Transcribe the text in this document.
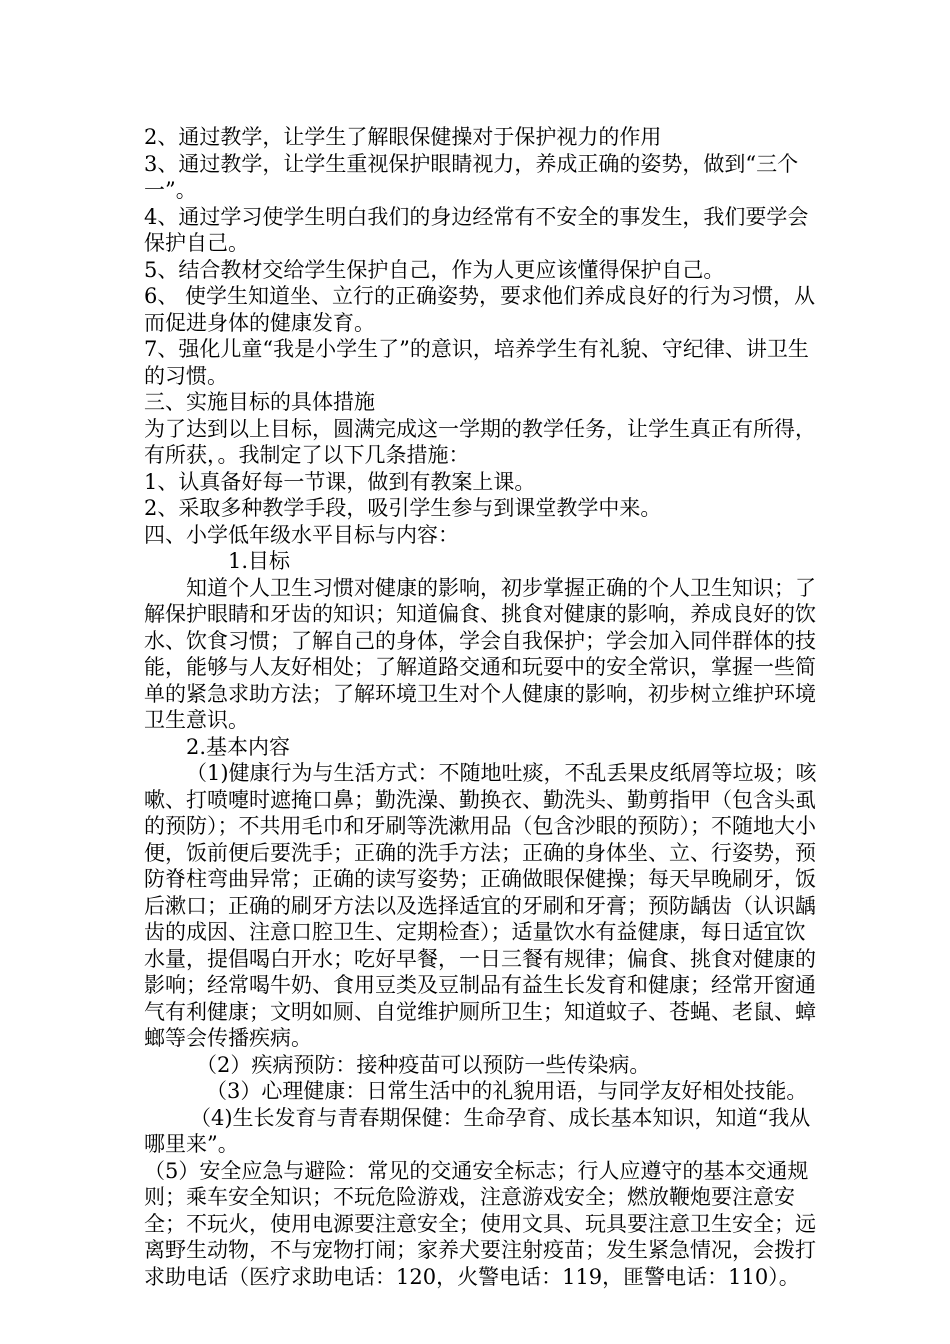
2、通过教学，让学生了解眼保健操对于保护视力的作用

3、通过教学，让学生重视保护眼睛视力，养成正确的姿势，做到“三个一”。

4、通过学习使学生明白我们的身边经常有不安全的事发生，我们要学会保护自己。

5、结合教材交给学生保护自己，作为人更应该懂得保护自己。

6、 使学生知道坐、立行的正确姿势，要求他们养成良好的行为习惯，从而促进身体的健康发育。

7、强化儿童“我是小学生了”的意识，培养学生有礼貌、守纪律、讲卫生的习惯。

三、实施目标的具体措施

为了达到以上目标，圆满完成这一学期的教学任务，让学生真正有所得，有所获，。我制定了以下几条措施：

1、认真备好每一节课，做到有教案上课。

2、采取多种教学手段，吸引学生参与到课堂教学中来。

四、小学低年级水平目标与内容：

1.目标

知道个人卫生习惯对健康的影响，初步掌握正确的个人卫生知识；了解保护眼睛和牙齿的知识；知道偏食、挑食对健康的影响，养成良好的饮水、饮食习惯；了解自己的身体，学会自我保护；学会加入同伴群体的技能，能够与人友好相处；了解道路交通和玩耍中的安全常识，掌握一些简单的紧急求助方法；了解环境卫生对个人健康的影响，初步树立维护环境卫生意识。

2.基本内容

（1)健康行为与生活方式：不随地吐痰，不乱丢果皮纸屑等垃圾；咳嗽、打喷嚏时遮掩口鼻；勤洗澡、勤换衣、勤洗头、勤剪指甲（包含头虱的预防）；不共用毛巾和牙刷等洗漱用品（包含沙眼的预防）；不随地大小便，饭前便后要洗手；正确的洗手方法；正确的身体坐、立、行姿势，预防脊柱弯曲异常；正确的读写姿势；正确做眼保健操；每天早晚刷牙，饭后漱口；正确的刷牙方法以及选择适宜的牙刷和牙膏；预防龋齿（认识龋齿的成因、注意口腔卫生、定期检查）；适量饮水有益健康，每日适宜饮水量，提倡喝白开水；吃好早餐，一日三餐有规律；偏食、挑食对健康的影响；经常喝牛奶、食用豆类及豆制品有益生长发育和健康；经常开窗通气有利健康；文明如厕、自觉维护厕所卫生；知道蚊子、苍蝇、老鼠、蟑螂等会传播疾病。

（2）疾病预防：接种疫苗可以预防一些传染病。

（3）心理健康：日常生活中的礼貌用语，与同学友好相处技能。

（4)生长发育与青春期保健：生命孕育、成长基本知识，知道“我从哪里来”。

（5）安全应急与避险：常见的交通安全标志；行人应遵守的基本交通规则；乘车安全知识；不玩危险游戏，注意游戏安全；燃放鞭炮要注意安全；不玩火，使用电源要注意安全；使用文具、玩具要注意卫生安全；远离野生动物，不与宠物打闹；家养犬要注射疫苗；发生紧急情况，会拨打求助电话（医疗求助电话：120，火警电话：119，匪警电话：110）。
